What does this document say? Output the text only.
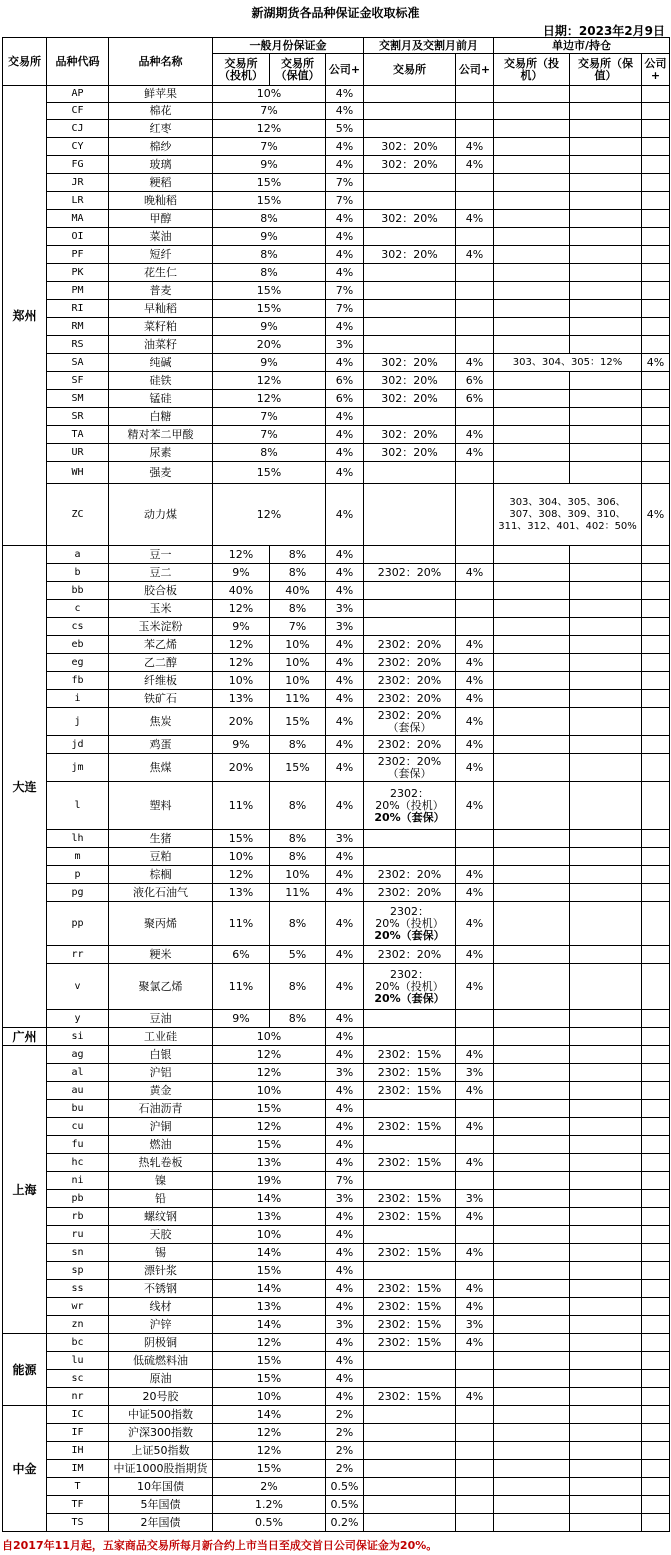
新湖期货各品种保证金收取标准
日期：2023年2月9日
交易所	品种代码	品种名称	一般月份保证金			交割月及交割月前月		单边市/持仓		
			交易所（投机）	交易所（保值）	公司+	交易所	公司+	交易所（投机）	交易所（保值）	公司+
郑州	AP	鲜苹果	10%		4%					
	CF	棉花	7%		4%					
	CJ	红枣	12%		5%					
	CY	棉纱	7%		4%	302：20%	4%			
	FG	玻璃	9%		4%	302：20%	4%			
	JR	粳稻	15%		7%					
	LR	晚籼稻	15%		7%					
	MA	甲醇	8%		4%	302：20%	4%			
	OI	菜油	9%		4%					
	PF	短纤	8%		4%	302：20%	4%			
	PK	花生仁	8%		4%					
	PM	普麦	15%		7%					
	RI	早籼稻	15%		7%					
	RM	菜籽粕	9%		4%					
	RS	油菜籽	20%		3%					
	SA	纯碱	9%		4%	302：20%	4%	303、304、305：12%		4%
	SF	硅铁	12%		6%	302：20%	6%			
	SM	锰硅	12%		6%	302：20%	6%			
	SR	白糖	7%		4%					
	TA	精对苯二甲酸	7%		4%	302：20%	4%			
	UR	尿素	8%		4%	302：20%	4%			
	WH	强麦	15%		4%					
	ZC	动力煤	12%		4%			303、304、305、306、307、308、309、310、311、312、401、402：50%		4%
大连	a	豆一	12%	8%	4%					
	b	豆二	9%	8%	4%	2302：20%	4%			
	bb	胶合板	40%	40%	4%					
	c	玉米	12%	8%	3%					
	cs	玉米淀粉	9%	7%	3%					
	eb	苯乙烯	12%	10%	4%	2302：20%	4%			
	eg	乙二醇	12%	10%	4%	2302：20%	4%			
	fb	纤维板	10%	10%	4%	2302：20%	4%			
	i	铁矿石	13%	11%	4%	2302：20%	4%			
	j	焦炭	20%	15%	4%	2302：20%
（套保）	4%			
	jd	鸡蛋	9%	8%	4%	2302：20%	4%			
	jm	焦煤	20%	15%	4%	2302：20%
（套保）	4%			
	l	塑料	11%	8%	4%	2302：
20%（投机）
20%（套保）	4%			
	lh	生猪	15%	8%	3%					
	m	豆粕	10%	8%	4%					
	p	棕榈	12%	10%	4%	2302：20%	4%			
	pg	液化石油气	13%	11%	4%	2302：20%	4%			
	pp	聚丙烯	11%	8%	4%	2302：
20%（投机）
20%（套保）	4%			
	rr	粳米	6%	5%	4%	2302：20%	4%			
	v	聚氯乙烯	11%	8%	4%	2302：
20%（投机）
20%（套保）	4%			
	y	豆油	9%	8%	4%					
广州	si	工业硅	10%		4%					
上海	ag	白银	12%		4%	2302：15%	4%			
	al	沪铝	12%		3%	2302：15%	3%			
	au	黄金	10%		4%	2302：15%	4%			
	bu	石油沥青	15%		4%					
	cu	沪铜	12%		4%	2302：15%	4%			
	fu	燃油	15%		4%					
	hc	热轧卷板	13%		4%	2302：15%	4%			
	ni	镍	19%		7%					
	pb	铅	14%		3%	2302：15%	3%			
	rb	螺纹钢	13%		4%	2302：15%	4%			
	ru	天胶	10%		4%					
	sn	锡	14%		4%	2302：15%	4%			
	sp	漂针浆	15%		4%					
	ss	不锈钢	14%		4%	2302：15%	4%			
	wr	线材	13%		4%	2302：15%	4%			
	zn	沪锌	14%		3%	2302：15%	3%			
能源	bc	阴极铜	12%		4%	2302：15%	4%			
	lu	低硫燃料油	15%		4%					
	sc	原油	15%		4%					
	nr	20号胶	10%		4%	2302：15%	4%			
中金	IC	中证500指数	14%		2%					
	IF	沪深300指数	12%		2%					
	IH	上证50指数	12%		2%					
	IM	中证1000股指期货	15%		2%					
	T	10年国债	2%		0.5%					
	TF	5年国债	1.2%		0.5%					
	TS	2年国债	0.5%		0.2%					
自2017年11月起，五家商品交易所每月新合约上市当日至成交首日公司保证金为20%。
